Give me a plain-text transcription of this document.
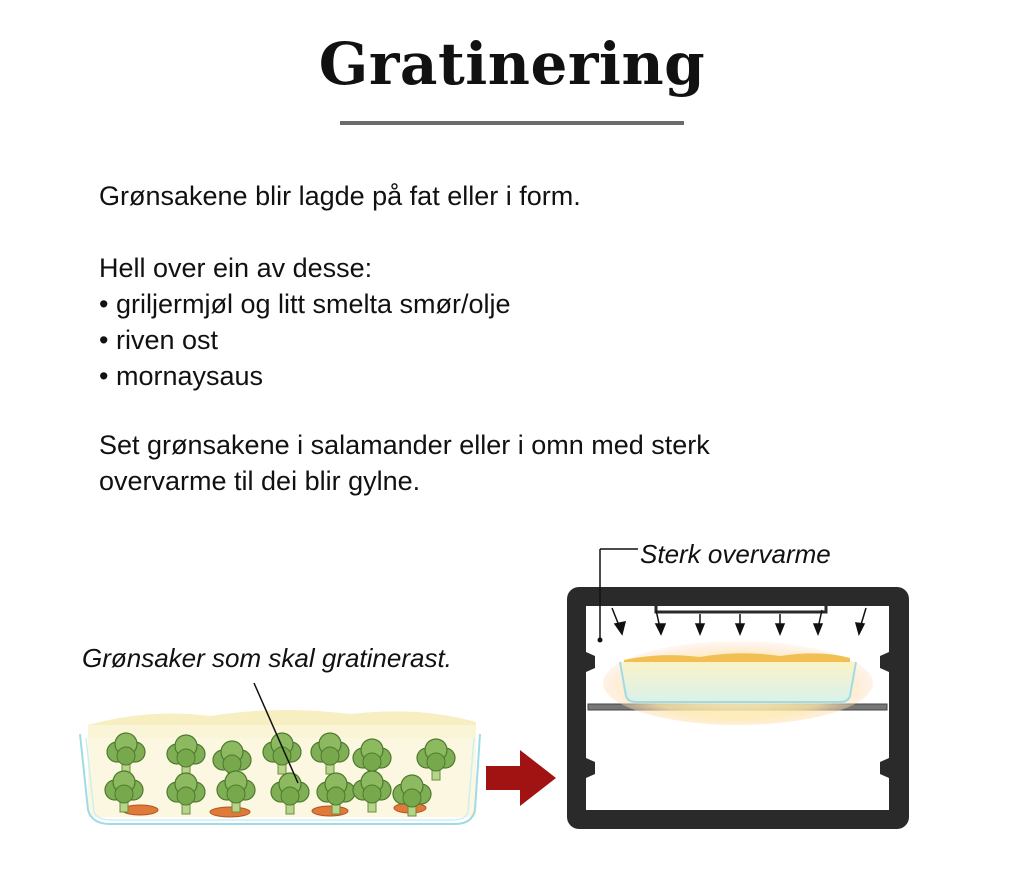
Gratinering

Grønsakene blir lagde på fat eller i form.

Hell over ein av desse:

• griljermjøl og litt smelta smør/olje
• riven ost
• mornaysaus

Set grønsakene i salamander eller i omn med sterk
overvarme til dei blir gylne.

Grønsaker som skal gratinerast.
Sterk overvarme
